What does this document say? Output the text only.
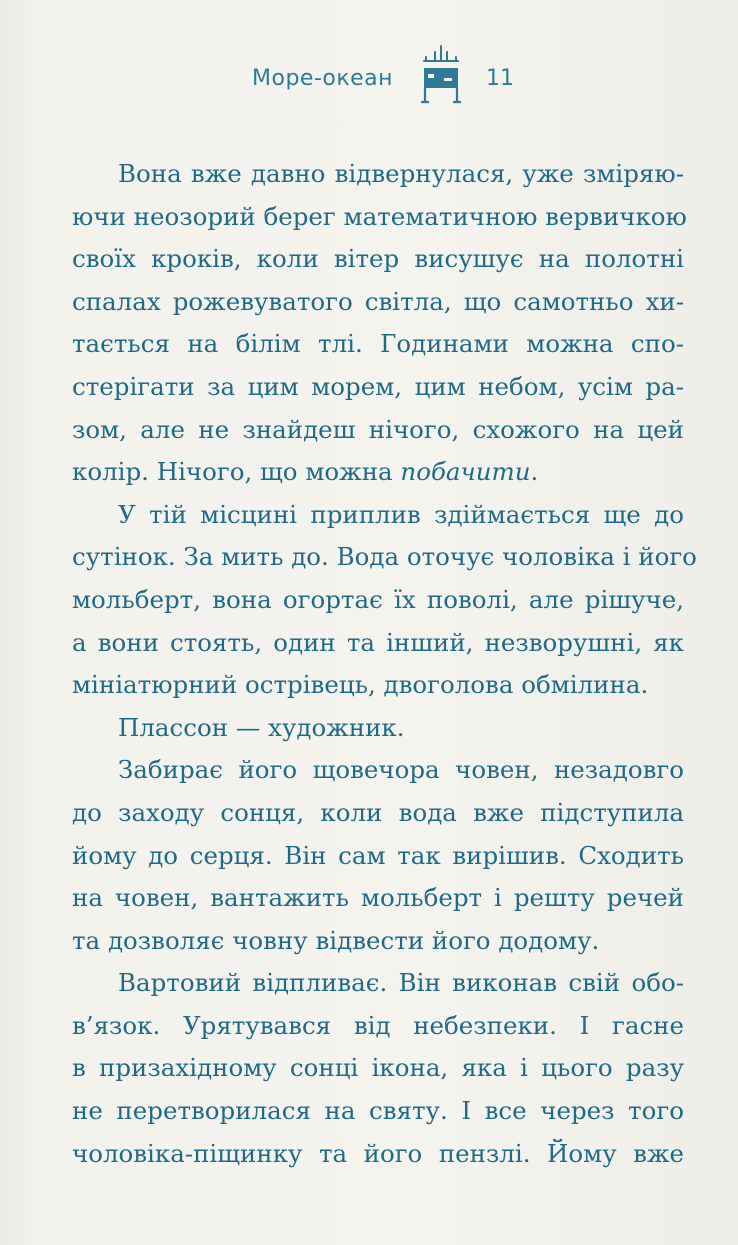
Море-океан	11
Вона вже давно відвернулася, уже зміряю-
ючи неозорий берег математичною вервичкою
своїх кроків, коли вітер висушує на полотні
спалах рожевуватого світла, що самотньо хи-
тається на білім тлі. Годинами можна спо-
стерігати за цим морем, цим небом, усім ра-
зом, але не знайдеш нічого, схожого на цей
колір. Нічого, що можна побачити.
У тій місцині приплив здіймається ще до
сутінок. За мить до. Вода оточує чоловіка і його
мольберт, вона огортає їх поволі, але рішуче,
а вони стоять, один та інший, незворушні, як
мініатюрний острівець, двоголова обмілина.
Плассон — художник.
Забирає його щовечора човен, незадовго
до заходу сонця, коли вода вже підступила
йому до серця. Він сам так вирішив. Сходить
на човен, вантажить мольберт і решту речей
та дозволяє човну відвести його додому.
Вартовий відпливає. Він виконав свій обо-
в’язок. Урятувався від небезпеки. І гасне
в призахідному сонці ікона, яка і цього разу
не перетворилася на святу. І все через того
чоловіка-піщинку та його пензлі. Йому вже
